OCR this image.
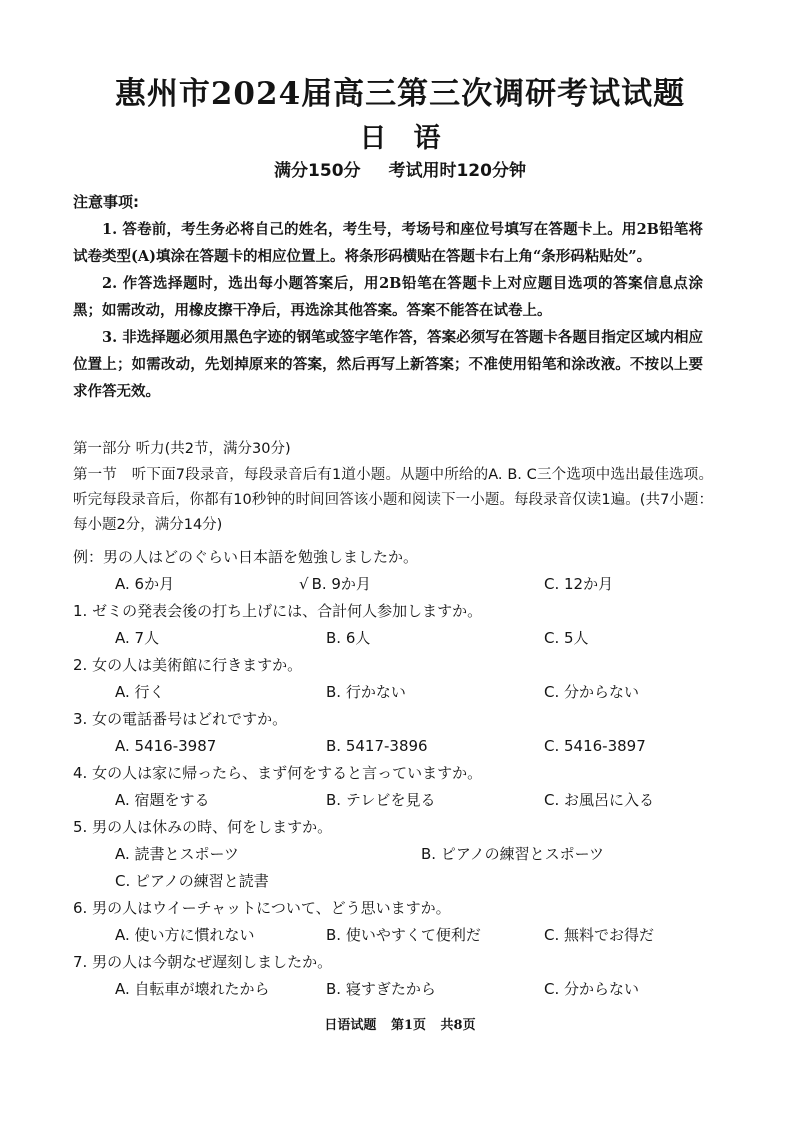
惠州市2024届高三第三次调研考试试题
日　语
满分150分 考试用时120分钟
注意事项:

1. 答卷前，考生务必将自己的姓名，考生号，考场号和座位号填写在答题卡上。用2B铅笔将试卷类型(A)填涂在答题卡的相应位置上。将条形码横贴在答题卡右上角“条形码粘贴处”。

2. 作答选择题时，选出每小题答案后，用2B铅笔在答题卡上对应题目选项的答案信息点涂黑；如需改动，用橡皮擦干净后，再选涂其他答案。答案不能答在试卷上。

3. 非选择题必须用黑色字迹的钢笔或签字笔作答，答案必须写在答题卡各题目指定区域内相应位置上；如需改动，先划掉原来的答案，然后再写上新答案；不准使用铅笔和涂改液。不按以上要求作答无效。

第一部分 听力(共2节，满分30分)
第一节　听下面7段录音，每段录音后有1道小题。从题中所给的A. B. C三个选项中选出最佳选项。听完每段录音后，你都有10秒钟的时间回答该小题和阅读下一小题。每段录音仅读1遍。(共7小题：每小题2分，满分14分)
例：男の人はどのぐらい日本語を勉強しましたか。
A. 6か月	√ B. 9か月	C. 12か月
1. ゼミの発表会後の打ち上げには、合計何人参加しますか。
A. 7人	B. 6人	C. 5人
2. 女の人は美術館に行きますか。
A. 行く	B. 行かない	C. 分からない
3. 女の電話番号はどれですか。
A. 5416-3987	B. 5417-3896	C. 5416-3897
4. 女の人は家に帰ったら、まず何をすると言っていますか。
A. 宿題をする	B. テレビを見る	C. お風呂に入る
5. 男の人は休みの時、何をしますか。
A. 読書とスポーツ	B. ピアノの練習とスポーツ
C. ピアノの練習と読書
6. 男の人はウイーチャットについて、どう思いますか。
A. 使い方に慣れない	B. 使いやすくて便利だ	C. 無料でお得だ
7. 男の人は今朝なぜ遅刻しましたか。
A. 自転車が壊れたから	B. 寝すぎたから	C. 分からない
日语试题 第1页 共8页
